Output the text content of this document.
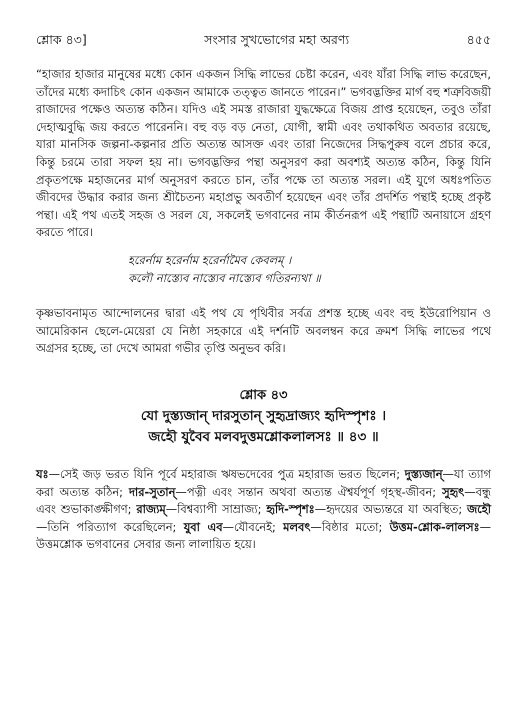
শ্লোক ৪৩]	সংসার সুখভোগের মহা অরণ্য	৪৫৫

“হাজার হাজার মানুষের মধ্যে কোন একজন সিদ্ধি লাভের চেষ্টা করেন, এবং যাঁরা সিদ্ধি লাভ করেছেন, তাঁদের মধ্যে কদাচিৎ কোন একজন আমাকে তত্ত্বত জানতে পারেন।” ভগবদ্ভক্তির মার্গ বহু শত্রুবিজয়ী রাজাদের পক্ষেও অত্যন্ত কঠিন। যদিও এই সমস্ত রাজারা যুদ্ধক্ষেত্রে বিজয় প্রাপ্ত হয়েছেন, তবুও তাঁরা দেহাত্মবুদ্ধি জয় করতে পারেননি। বহু বড় বড় নেতা, যোগী, স্বামী এবং তথাকথিত অবতার রয়েছে, যারা মানসিক জল্পনা-কল্পনার প্রতি অত্যন্ত আসক্ত এবং তারা নিজেদের সিদ্ধপুরুষ বলে প্রচার করে, কিন্তু চরমে তারা সফল হয় না। ভগবদ্ভক্তির পন্থা অনুসরণ করা অবশ্যই অত্যন্ত কঠিন, কিন্তু যিনি প্রকৃতপক্ষে মহাজনের মার্গ অনুসরণ করতে চান, তাঁর পক্ষে তা অত্যন্ত সরল। এই যুগে অধঃপতিত জীবদের উদ্ধার করার জন্য শ্রীচৈতন্য মহাপ্রভু অবতীর্ণ হয়েছেন এবং তাঁর প্রদর্শিত পন্থাই হচ্ছে প্রকৃষ্ট পন্থা। এই পথ এতই সহজ ও সরল যে, সকলেই ভগবানের নাম কীর্তনরূপ এই পন্থাটি অনায়াসে গ্রহণ করতে পারে।

হরের্নাম হরের্নাম হরের্নামৈব কেবলম্ ।
কলৌ নাস্ত্যেব নাস্ত্যেব নাস্ত্যেব গতিরন্যথা ॥

কৃষ্ণভাবনামৃত আন্দোলনের দ্বারা এই পথ যে পৃথিবীর সর্বত্র প্রশস্ত হচ্ছে এবং বহু ইউরোপিয়ান ও আমেরিকান ছেলে-মেয়েরা যে নিষ্ঠা সহকারে এই দর্শনটি অবলম্বন করে ক্রমশ সিদ্ধি লাভের পথে অগ্রসর হচ্ছে, তা দেখে আমরা গভীর তৃপ্তি অনুভব করি।

শ্লোক ৪৩
যো দুস্ত্যজান্ দারসুতান্ সুহৃদ্রাজ্যং হৃদিস্পৃশঃ ।
জহৌ যুবৈব মলবদুত্তমশ্লোকলালসঃ ॥ ৪৩ ॥

যঃ—সেই জড় ভরত যিনি পূর্বে মহারাজ ঋষভদেবের পুত্র মহারাজ ভরত ছিলেন; দুস্ত্যজান্—যা ত্যাগ করা অত্যন্ত কঠিন; দার-সুতান্—পত্নী এবং সন্তান অথবা অত্যন্ত ঐশ্বর্যপূর্ণ গৃহস্থ-জীবন; সুহৃৎ—বন্ধু এবং শুভাকাঙ্ক্ষীগণ; রাজ্যম্—বিশ্বব্যাপী সাম্রাজ্য; হৃদি-স্পৃশঃ—হৃদয়ের অভ্যন্তরে যা অবস্থিত; জহৌ—তিনি পরিত্যাগ করেছিলেন; যুবা এব—যৌবনেই; মলবৎ—বিষ্ঠার মতো; উত্তম-শ্লোক-লালসঃ—উত্তমশ্লোক ভগবানের সেবার জন্য লালায়িত হয়ে।
